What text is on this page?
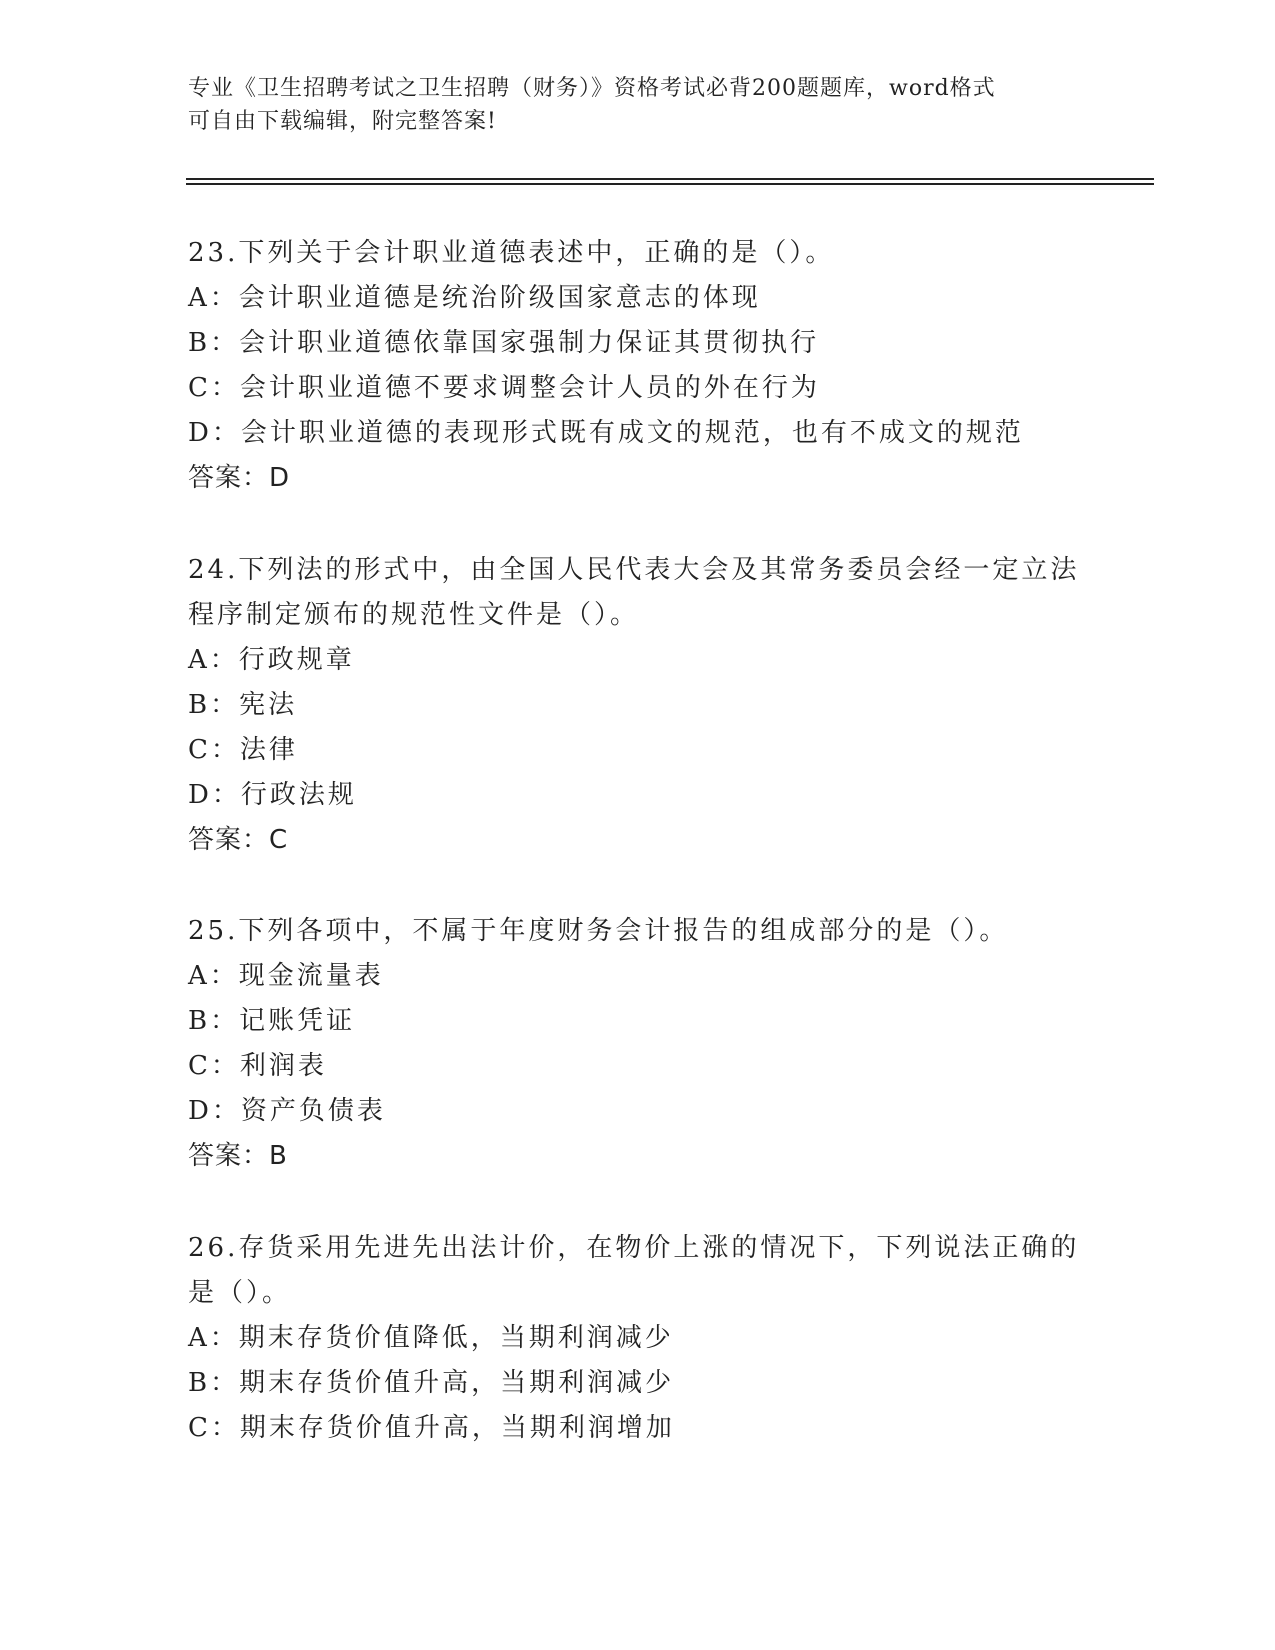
专业《卫生招聘考试之卫生招聘（财务）》资格考试必背200题题库，word格式
可自由下载编辑，附完整答案!
23.下列关于会计职业道德表述中，正确的是（）。
A：会计职业道德是统治阶级国家意志的体现
B：会计职业道德依靠国家强制力保证其贯彻执行
C：会计职业道德不要求调整会计人员的外在行为
D：会计职业道德的表现形式既有成文的规范，也有不成文的规范
答案：D
24.下列法的形式中，由全国人民代表大会及其常务委员会经一定立法
程序制定颁布的规范性文件是（）。
A：行政规章
B：宪法
C：法律
D：行政法规
答案：C
25.下列各项中，不属于年度财务会计报告的组成部分的是（）。
A：现金流量表
B：记账凭证
C：利润表
D：资产负债表
答案：B
26.存货采用先进先出法计价，在物价上涨的情况下，下列说法正确的
是（）。
A：期末存货价值降低，当期利润减少
B：期末存货价值升高，当期利润减少
C：期末存货价值升高，当期利润增加
